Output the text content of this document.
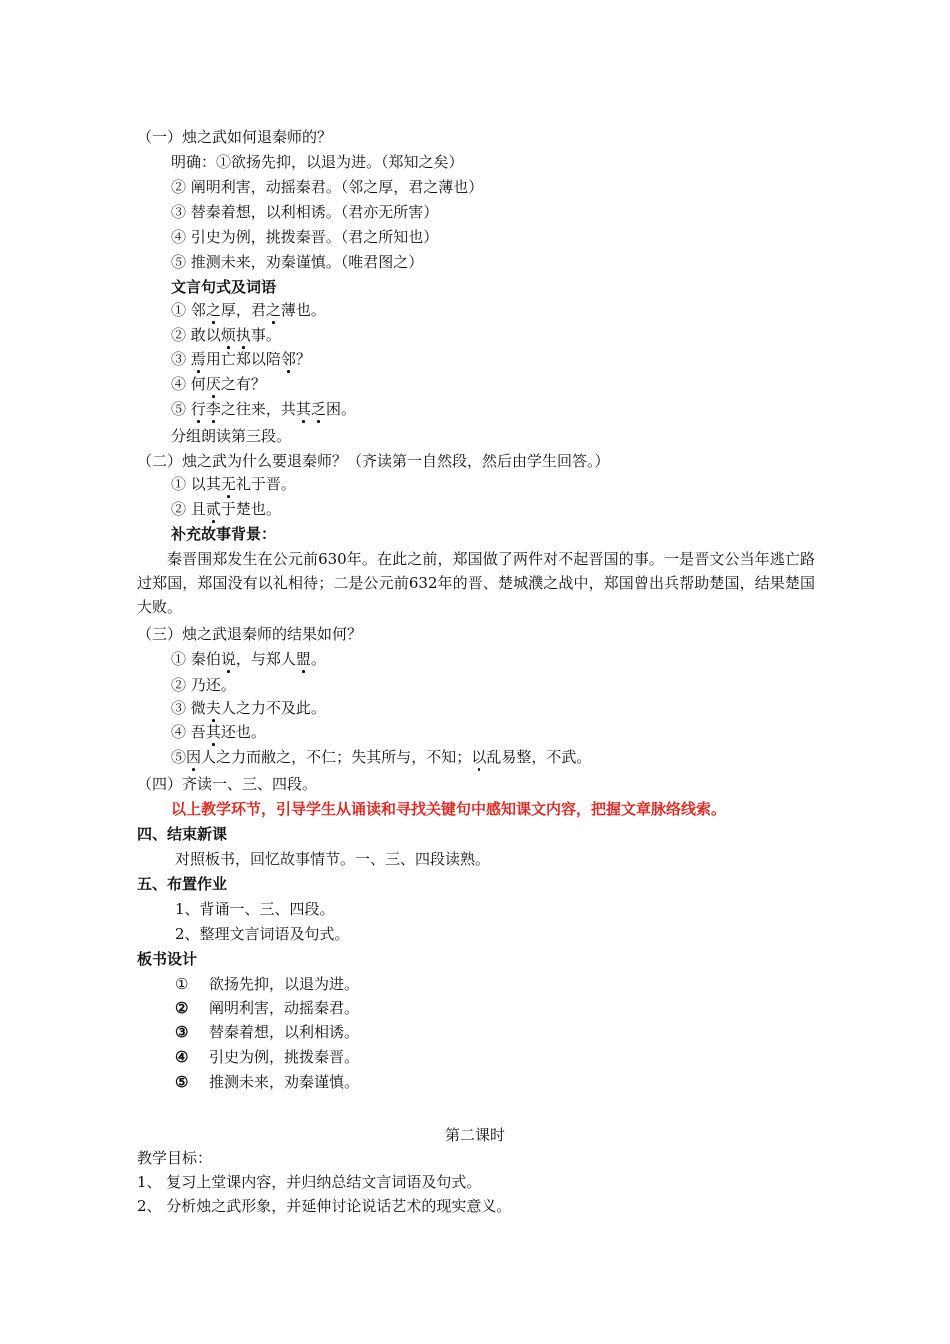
（一）烛之武如何退秦师的？
明确：①欲扬先抑，以退为进。（郑知之矣）
② 阐明利害，动摇秦君。（邻之厚，君之薄也）
③ 替秦着想，以利相诱。（君亦无所害）
④ 引史为例，挑拨秦晋。（君之所知也）
⑤ 推测未来，劝秦谨慎。（唯君图之）
文言句式及词语
① 邻之厚，君之薄也。
② 敢以烦执事。
③ 焉用亡郑以陪邻？
④ 何厌之有？
⑤ 行李之往来，共其乏困。
分组朗读第三段。
（二）烛之武为什么要退秦师？（齐读第一自然段，然后由学生回答。）
① 以其无礼于晋。
② 且贰于楚也。
补充故事背景：
秦晋围郑发生在公元前630年。在此之前，郑国做了两件对不起晋国的事。一是晋文公当年逃亡路过郑国，郑国没有以礼相待；二是公元前632年的晋、楚城濮之战中，郑国曾出兵帮助楚国，结果楚国大败。
（三）烛之武退秦师的结果如何？
① 秦伯说，与郑人盟。
② 乃还。
③ 微夫人之力不及此。
④ 吾其还也。
⑤因人之力而敝之，不仁；失其所与，不知；以乱易整，不武。
（四）齐读一、三、四段。
以上教学环节，引导学生从诵读和寻找关键句中感知课文内容，把握文章脉络线索。
四、结束新课
对照板书，回忆故事情节。一、三、四段读熟。
五、布置作业
1、背诵一、三、四段。
2、整理文言词语及句式。
板书设计
① 欲扬先抑，以退为进。
② 阐明利害，动摇秦君。
③ 替秦着想，以利相诱。
④ 引史为例，挑拨秦晋。
⑤ 推测未来，劝秦谨慎。
第二课时
教学目标：
1、 复习上堂课内容，并归纳总结文言词语及句式。
2、 分析烛之武形象，并延伸讨论说话艺术的现实意义。
